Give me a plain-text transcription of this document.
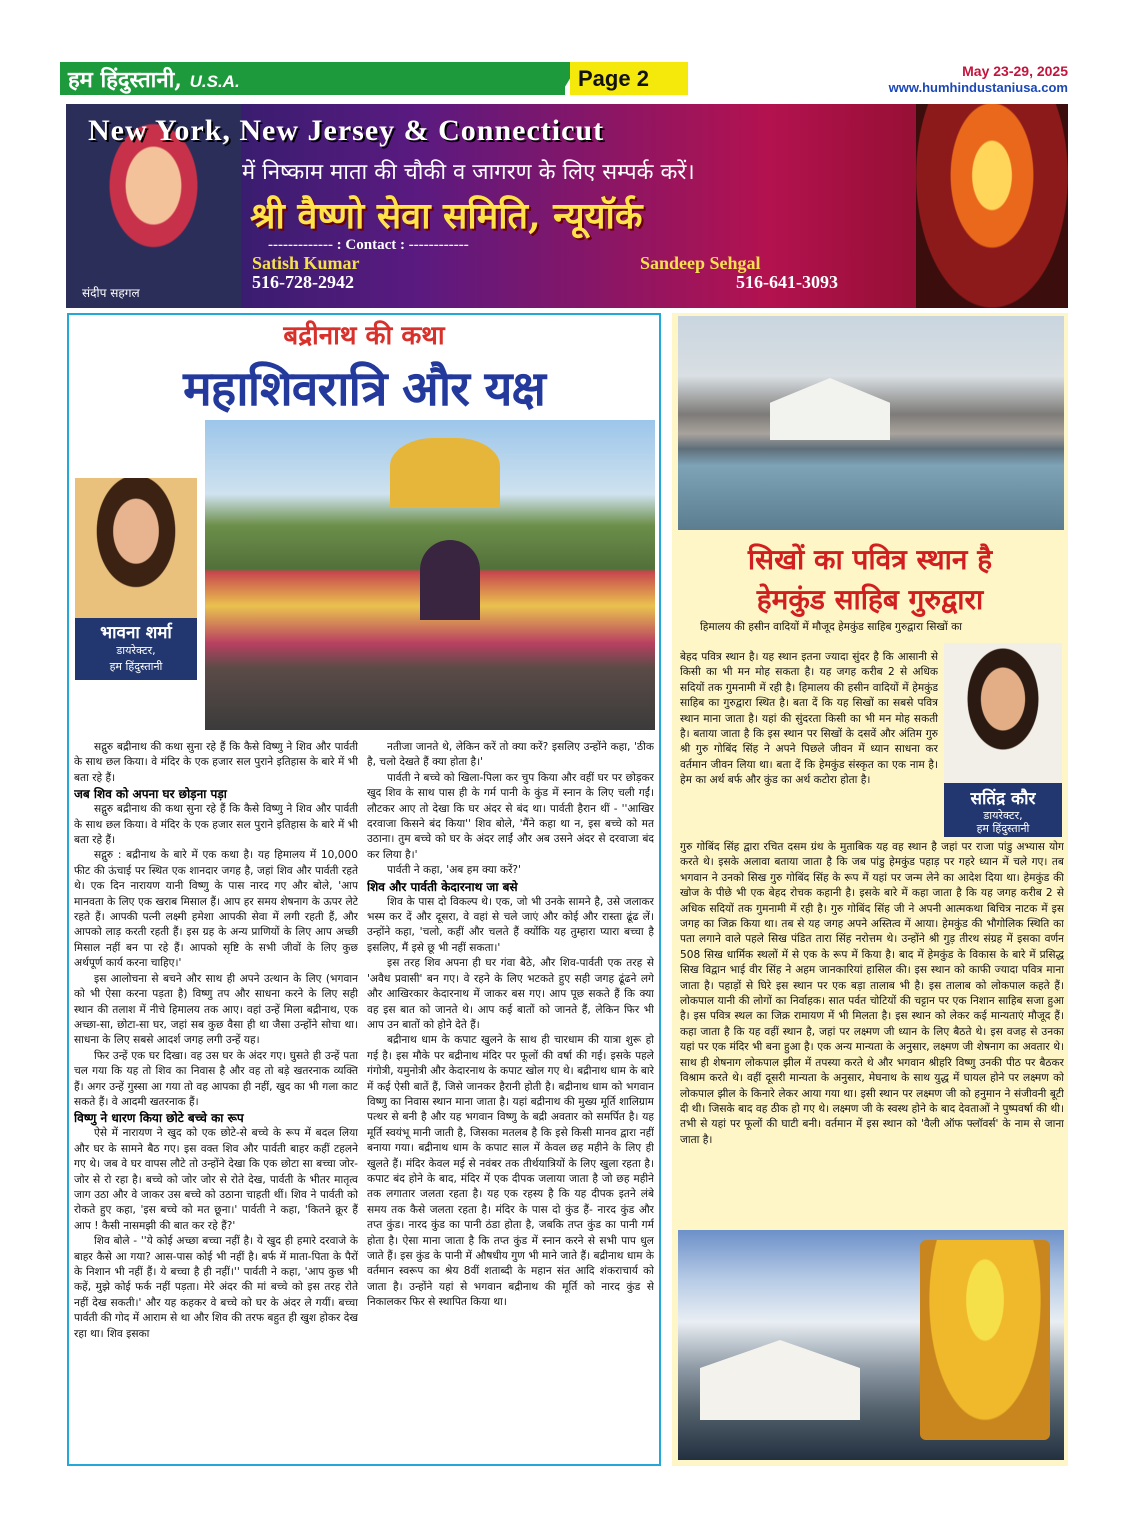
हम हिंदुस्तानी, U.S.A.	Page 2	May 23-29, 2025
www.humhindustaniusa.com
संदीप सहगल
New York, New Jersey & Connecticut
में निष्काम माता की चौकी व जागरण के लिए सम्पर्क करें।
श्री वैष्णो सेवा समिति, न्यूयॉर्क
------------- : Contact : ------------
Satish Kumar
516-728-2942
Sandeep Sehgal
516-641-3093
बद्रीनाथ की कथा
महाशिवरात्रि और यक्ष
भावना शर्मा
डायरेक्टर,
हम हिंदुस्तानी

सद्गुरु बद्रीनाथ की कथा सुना रहे हैं कि कैसे विष्णु ने शिव और पार्वती के साथ छल किया। वे मंदिर के एक हजार सल पुराने इतिहास के बारे में भी बता रहे हैं।

जब शिव को अपना घर छोड़ना पड़ा

सद्गुरु बद्रीनाथ की कथा सुना रहे हैं कि कैसे विष्णु ने शिव और पार्वती के साथ छल किया। वे मंदिर के एक हजार सल पुराने इतिहास के बारे में भी बता रहे हैं।

सद्गुरु : बद्रीनाथ के बारे में एक कथा है। यह हिमालय में 10,000 फीट की ऊंचाई पर स्थित एक शानदार जगह है, जहां शिव और पार्वती रहते थे। एक दिन नारायण यानी विष्णु के पास नारद गए और बोले, 'आप मानवता के लिए एक खराब मिसाल हैं। आप हर समय शेषनाग के ऊपर लेटे रहते हैं। आपकी पत्नी लक्ष्मी हमेशा आपकी सेवा में लगी रहती हैं, और आपको लाड़ करती रहती हैं। इस ग्रह के अन्य प्राणियों के लिए आप अच्छी मिसाल नहीं बन पा रहे हैं। आपको सृष्टि के सभी जीवों के लिए कुछ अर्थपूर्ण कार्य करना चाहिए।'

इस आलोचना से बचने और साथ ही अपने उत्थान के लिए (भगवान को भी ऐसा करना पड़ता है) विष्णु तप और साधना करने के लिए सही स्थान की तलाश में नीचे हिमालय तक आए। वहां उन्हें मिला बद्रीनाथ, एक अच्छा-सा, छोटा-सा घर, जहां सब कुछ वैसा ही था जैसा उन्होंने सोचा था। साधना के लिए सबसे आदर्श जगह लगी उन्हें यह।

फिर उन्हें एक घर दिखा। वह उस घर के अंदर गए। घुसते ही उन्हें पता चल गया कि यह तो शिव का निवास है और वह तो बड़े खतरनाक व्यक्ति हैं। अगर उन्हें गुस्सा आ गया तो वह आपका ही नहीं, खुद का भी गला काट सकते हैं। वे आदमी खतरनाक हैं।

विष्णु ने धारण किया छोटे बच्चे का रूप

ऐसे में नारायण ने खुद को एक छोटे-से बच्चे के रूप में बदल लिया और घर के सामने बैठ गए। इस वक्त शिव और पार्वती बाहर कहीं टहलने गए थे। जब वे घर वापस लौटे तो उन्होंने देखा कि एक छोटा सा बच्चा जोर-जोर से रो रहा है। बच्चे को जोर जोर से रोते देख, पार्वती के भीतर मातृत्व जाग उठा और वे जाकर उस बच्चे को उठाना चाहती थीं। शिव ने पार्वती को रोकते हुए कहा, 'इस बच्चे को मत छूना।' पार्वती ने कहा, 'कितने क्रूर हैं आप ! कैसी नासमझी की बात कर रहे हैं?'

शिव बोले - ''ये कोई अच्छा बच्चा नहीं है। ये खुद ही हमारे दरवाजे के बाहर कैसे आ गया? आस-पास कोई भी नहीं है। बर्फ में माता-पिता के पैरों के निशान भी नहीं हैं। ये बच्चा है ही नहीं।'' पार्वती ने कहा, 'आप कुछ भी कहें, मुझे कोई फर्क नहीं पड़ता। मेरे अंदर की मां बच्चे को इस तरह रोते नहीं देख सकती।' और यह कहकर वे बच्चे को घर के अंदर ले गयीं। बच्चा पार्वती की गोद में आराम से था और शिव की तरफ बहुत ही खुश होकर देख रहा था। शिव इसका

नतीजा जानते थे, लेकिन करें तो क्या करें? इसलिए उन्होंने कहा, 'ठीक है, चलो देखते हैं क्या होता है।'

पार्वती ने बच्चे को खिला-पिला कर चुप किया और वहीं घर पर छोड़कर खुद शिव के साथ पास ही के गर्म पानी के कुंड में स्नान के लिए चली गईं। लौटकर आए तो देखा कि घर अंदर से बंद था। पार्वती हैरान थीं - ''आखिर दरवाजा किसने बंद किया'' शिव बोले, 'मैंने कहा था न, इस बच्चे को मत उठाना। तुम बच्चे को घर के अंदर लाईं और अब उसने अंदर से दरवाजा बंद कर लिया है।'

पार्वती ने कहा, 'अब हम क्या करें?'

शिव और पार्वती केदारनाथ जा बसे

शिव के पास दो विकल्प थे। एक, जो भी उनके सामने है, उसे जलाकर भस्म कर दें और दूसरा, वे वहां से चले जाएं और कोई और रास्ता ढूंढ लें। उन्होंने कहा, 'चलो, कहीं और चलते हैं क्योंकि यह तुम्हारा प्यारा बच्चा है इसलिए, मैं इसे छू भी नहीं सकता।'

इस तरह शिव अपना ही घर गंवा बैठे, और शिव-पार्वती एक तरह से 'अवैध प्रवासी' बन गए। वे रहने के लिए भटकते हुए सही जगह ढूंढने लगे और आखिरकार केदारनाथ में जाकर बस गए। आप पूछ सकते हैं कि क्या वह इस बात को जानते थे। आप कई बातों को जानते हैं, लेकिन फिर भी आप उन बातों को होने देते हैं।

बद्रीनाथ धाम के कपाट खुलने के साथ ही चारधाम की यात्रा शुरू हो गई है। इस मौके पर बद्रीनाथ मंदिर पर फूलों की वर्षा की गई। इसके पहले गंगोत्री, यमुनोत्री और केदारनाथ के कपाट खोल गए थे। बद्रीनाथ धाम के बारे में कई ऐसी बातें हैं, जिसे जानकर हैरानी होती है। बद्रीनाथ धाम को भगवान विष्णु का निवास स्थान माना जाता है। यहां बद्रीनाथ की मुख्य मूर्ति शालिग्राम पत्थर से बनी है और यह भगवान विष्णु के बद्री अवतार को समर्पित है। यह मूर्ति स्वयंभू मानी जाती है, जिसका मतलब है कि इसे किसी मानव द्वारा नहीं बनाया गया। बद्रीनाथ धाम के कपाट साल में केवल छह महीने के लिए ही खुलते हैं। मंदिर केवल मई से नवंबर तक तीर्थयात्रियों के लिए खुला रहता है। कपाट बंद होने के बाद, मंदिर में एक दीपक जलाया जाता है जो छह महीने तक लगातार जलता रहता है। यह एक रहस्य है कि यह दीपक इतने लंबे समय तक कैसे जलता रहता है। मंदिर के पास दो कुंड हैं- नारद कुंड और तप्त कुंड। नारद कुंड का पानी ठंडा होता है, जबकि तप्त कुंड का पानी गर्म होता है। ऐसा माना जाता है कि तप्त कुंड में स्नान करने से सभी पाप धुल जाते हैं। इस कुंड के पानी में औषधीय गुण भी माने जाते हैं। बद्रीनाथ धाम के वर्तमान स्वरूप का श्रेय 8वीं शताब्दी के महान संत आदि शंकराचार्य को जाता है। उन्होंने यहां से भगवान बद्रीनाथ की मूर्ति को नारद कुंड से निकालकर फिर से स्थापित किया था।

सिखों का पवित्र स्थान है
हेमकुंड साहिब गुरुद्वारा

हिमालय की हसीन वादियों में मौजूद हेमकुंड साहिब गुरुद्वारा सिखों का

बेहद पवित्र स्थान है। यह स्थान इतना ज्यादा सुंदर है कि आसानी से किसी का भी मन मोह सकता है। यह जगह करीब 2 से अधिक सदियों तक गुमनामी में रही है। हिमालय की हसीन वादियों में हेमकुंड साहिब का गुरुद्वारा स्थित है। बता दें कि यह सिखों का सबसे पवित्र स्थान माना जाता है। यहां की सुंदरता किसी का भी मन मोह सकती है। बताया जाता है कि इस स्थान पर सिखों के दसवें और अंतिम गुरु श्री गुरु गोबिंद सिंह ने अपने पिछले जीवन में ध्यान साधना कर वर्तमान जीवन लिया था। बता दें कि हेमकुंड संस्कृत का एक नाम है। हेम का अर्थ बर्फ और कुंड का अर्थ कटोरा होता है।

सतिंद्र कौर
डायरेक्टर,
हम हिंदुस्तानी

गुरु गोबिंद सिंह द्वारा रचित दसम ग्रंथ के मुताबिक यह वह स्थान है जहां पर राजा पांडु अभ्यास योग करते थे। इसके अलावा बताया जाता है कि जब पांडु हेमकुंड पहाड़ पर गहरे ध्यान में चले गए। तब भगवान ने उनको सिख गुरु गोबिंद सिंह के रूप में यहां पर जन्म लेने का आदेश दिया था। हेमकुंड की खोज के पीछे भी एक बेहद रोचक कहानी है। इसके बारे में कहा जाता है कि यह जगह करीब 2 से अधिक सदियों तक गुमनामी में रही है। गुरु गोबिंद सिंह जी ने अपनी आत्मकथा बिचित्र नाटक में इस जगह का जिक्र किया था। तब से यह जगह अपने अस्तित्व में आया। हेमकुंड की भौगोलिक स्थिति का पता लगाने वाले पहले सिख पंडित तारा सिंह नरोत्तम थे। उन्होंने श्री गुड़ तीरथ संग्रह में इसका वर्णन 508 सिख धार्मिक स्थलों में से एक के रूप में किया है। बाद में हेमकुंड के विकास के बारे में प्रसिद्ध सिख विद्वान भाई वीर सिंह ने अहम जानकारियां हासिल की। इस स्थान को काफी ज्यादा पवित्र माना जाता है। पहाड़ों से घिरे इस स्थान पर एक बड़ा तालाब भी है। इस तालाब को लोकपाल कहते हैं। लोकपाल यानी की लोगों का निर्वाहक। सात पर्वत चोटियों की चट्टान पर एक निशान साहिब सजा हुआ है। इस पवित्र स्थल का जिक्र रामायण में भी मिलता है। इस स्थान को लेकर कई मान्यताएं मौजूद हैं। कहा जाता है कि यह वहीं स्थान है, जहां पर लक्ष्मण जी ध्यान के लिए बैठते थे। इस वजह से उनका यहां पर एक मंदिर भी बना हुआ है। एक अन्य मान्यता के अनुसार, लक्ष्मण जी शेषनाग का अवतार थे। साथ ही शेषनाग लोकपाल झील में तपस्या करते थे और भगवान श्रीहरि विष्णु उनकी पीठ पर बैठकर विश्राम करते थे। वहीं दूसरी मान्यता के अनुसार, मेघनाथ के साथ युद्ध में घायल होने पर लक्ष्मण को लोकपाल झील के किनारे लेकर आया गया था। इसी स्थान पर लक्ष्मण जी को हनुमान ने संजीवनी बूटी दी थी। जिसके बाद वह ठीक हो गए थे। लक्ष्मण जी के स्वस्थ होने के बाद देवताओं ने पुष्पवर्षा की थी। तभी से यहां पर फूलों की घाटी बनी। वर्तमान में इस स्थान को 'वैली ऑफ फ्लॉवर्स' के नाम से जाना जाता है।
